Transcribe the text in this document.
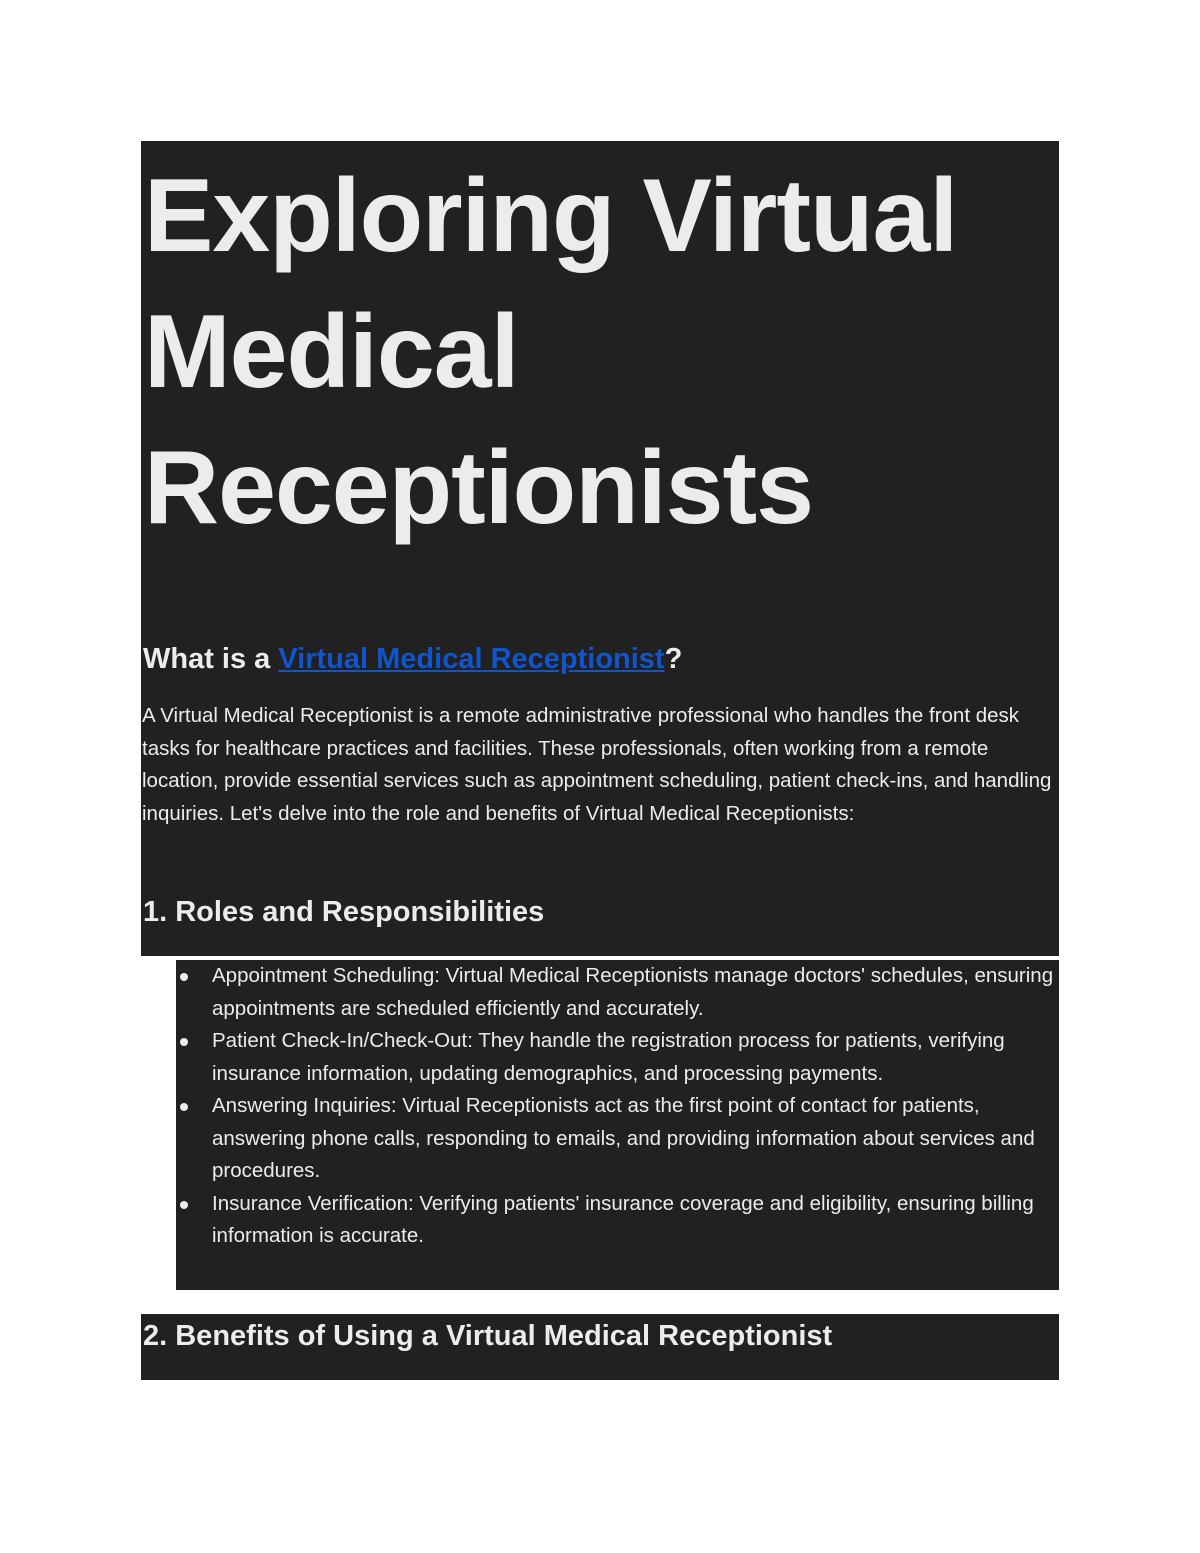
Exploring Virtual Medical Receptionists
What is a Virtual Medical Receptionist?

A Virtual Medical Receptionist is a remote administrative professional who handles the front desk tasks for healthcare practices and facilities. These professionals, often working from a remote location, provide essential services such as appointment scheduling, patient check-ins, and handling inquiries. Let's delve into the role and benefits of Virtual Medical Receptionists:

1. Roles and Responsibilities
Appointment Scheduling: Virtual Medical Receptionists manage doctors' schedules, ensuring appointments are scheduled efficiently and accurately.
Patient Check-In/Check-Out: They handle the registration process for patients, verifying insurance information, updating demographics, and processing payments.
Answering Inquiries: Virtual Receptionists act as the first point of contact for patients, answering phone calls, responding to emails, and providing information about services and procedures.
Insurance Verification: Verifying patients' insurance coverage and eligibility, ensuring billing information is accurate.
2. Benefits of Using a Virtual Medical Receptionist
